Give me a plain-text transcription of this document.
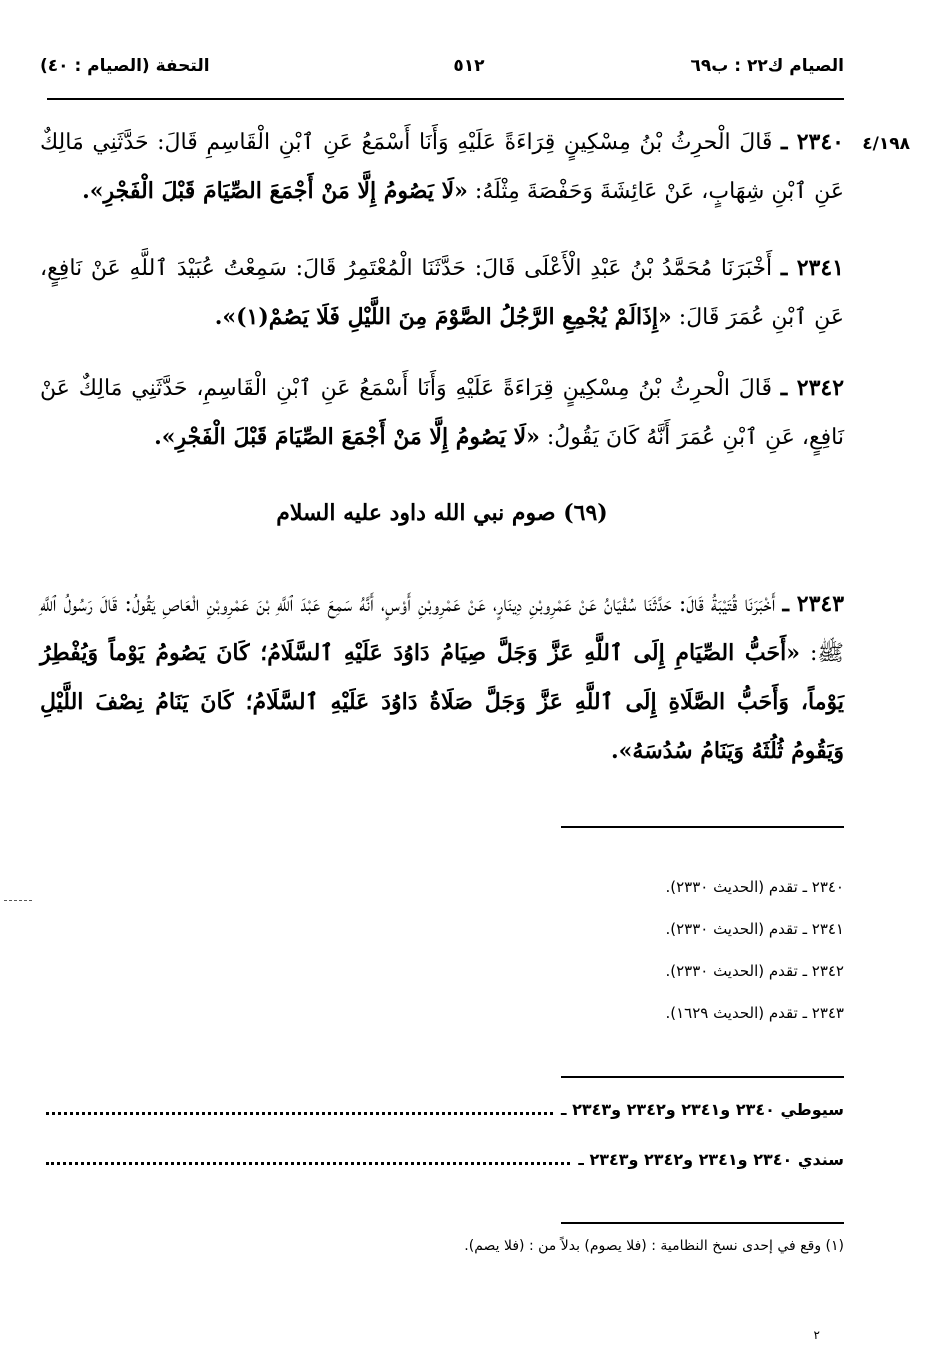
الصيام ك٢٢ : ب٦٩
٥١٢
التحفة (الصيام : ٤٠)
٤/١٩٨

٢٣٤٠ ـ قَالَ الْحرِثُ بْنُ مِسْكِينٍ قِرَاءَةً عَلَيْهِ وَأَنَا أَسْمَعُ عَنِ ٱبْنِ الْقَاسِمِ قَالَ: حَدَّثَنِي مَالِكٌ عَنِ ٱبْنِ شِهَابٍ، عَنْ عَائِشَةَ وَحَفْصَةَ مِثْلَهُ: «لَا يَصُومُ إِلَّا مَنْ أَجْمَعَ الصِّيَامَ قَبْلَ الْفَجْرِ».

٢٣٤١ ـ أَخْبَرَنَا مُحَمَّدُ بْنُ عَبْدِ الْأَعْلَى قَالَ: حَدَّثَنَا الْمُعْتَمِرُ قَالَ: سَمِعْتُ عُبَيْدَ ٱللَّهِ عَنْ نَافِعٍ، عَنِ ٱبْنِ عُمَرَ قَالَ: «إِذَالَمْ يُجْمِعِ الرَّجُلُ الصَّوْمَ مِنَ اللَّيْلِ فَلَا يَصُمْ(١)».

٢٣٤٢ ـ قَالَ الْحرِثُ بْنُ مِسْكِينٍ قِرَاءَةً عَلَيْهِ وَأَنَا أَسْمَعُ عَنِ ٱبْنِ الْقَاسِمِ، حَدَّثَنِي مَالِكٌ عَنْ نَافِعٍ، عَنِ ٱبْنِ عُمَرَ أَنَّهُ كَانَ يَقُولُ: «لَا يَصُومُ إِلَّا مَنْ أَجْمَعَ الصِّيَامَ قَبْلَ الْفَجْرِ».

(٦٩) صوم نبي الله داود عليه السلام

٢٣٤٣ ـ أَخْبَرَنَا قُتَيْبَةُ قَالَ: حَدَّثَنَا سُفْيَانُ عَنْ عَمْرِوبْنِ دِينَارٍ، عَنْ عَمْرِوبْنِ أَوْسٍ، أَنَّهُ سَمِعَ عَبْدَ ٱللَّهِ بْنَ عَمْرِوبْنِ الْعَاصِ يَقُولُ: قَالَ رَسُولُ ٱللَّهِ ﷺ: «أَحَبُّ الصِّيَامِ إِلَى ٱللَّهِ عَزَّ وَجَلَّ صِيَامُ دَاوُدَ عَلَيْهِ ٱلسَّلَامُ؛ كَانَ يَصُومُ يَوْماً وَيُفْطِرُ يَوْماً، وَأَحَبُّ الصَّلَاةِ إِلَى ٱللَّهِ عَزَّ وَجَلَّ صَلَاةُ دَاوُدَ عَلَيْهِ ٱلسَّلَامُ؛ كَانَ يَنَامُ نِصْفَ اللَّيْلِ وَيَقُومُ ثُلُثَهُ وَيَنَامُ سُدُسَهُ».

٢٣٤٠ ـ تقدم (الحديث ٢٣٣٠).
٢٣٤١ ـ تقدم (الحديث ٢٣٣٠).
٢٣٤٢ ـ تقدم (الحديث ٢٣٣٠).
٢٣٤٣ ـ تقدم (الحديث ١٦٢٩).
سيوطي ٢٣٤٠ و٢٣٤١ و٢٣٤٢ و٢٣٤٣ ـ
سندي ٢٣٤٠ و٢٣٤١ و٢٣٤٢ و٢٣٤٣ ـ
(١) وقع في إحدى نسخ النظامية : (فلا يصوم) بدلاً من : (فلا يصم).
٢
